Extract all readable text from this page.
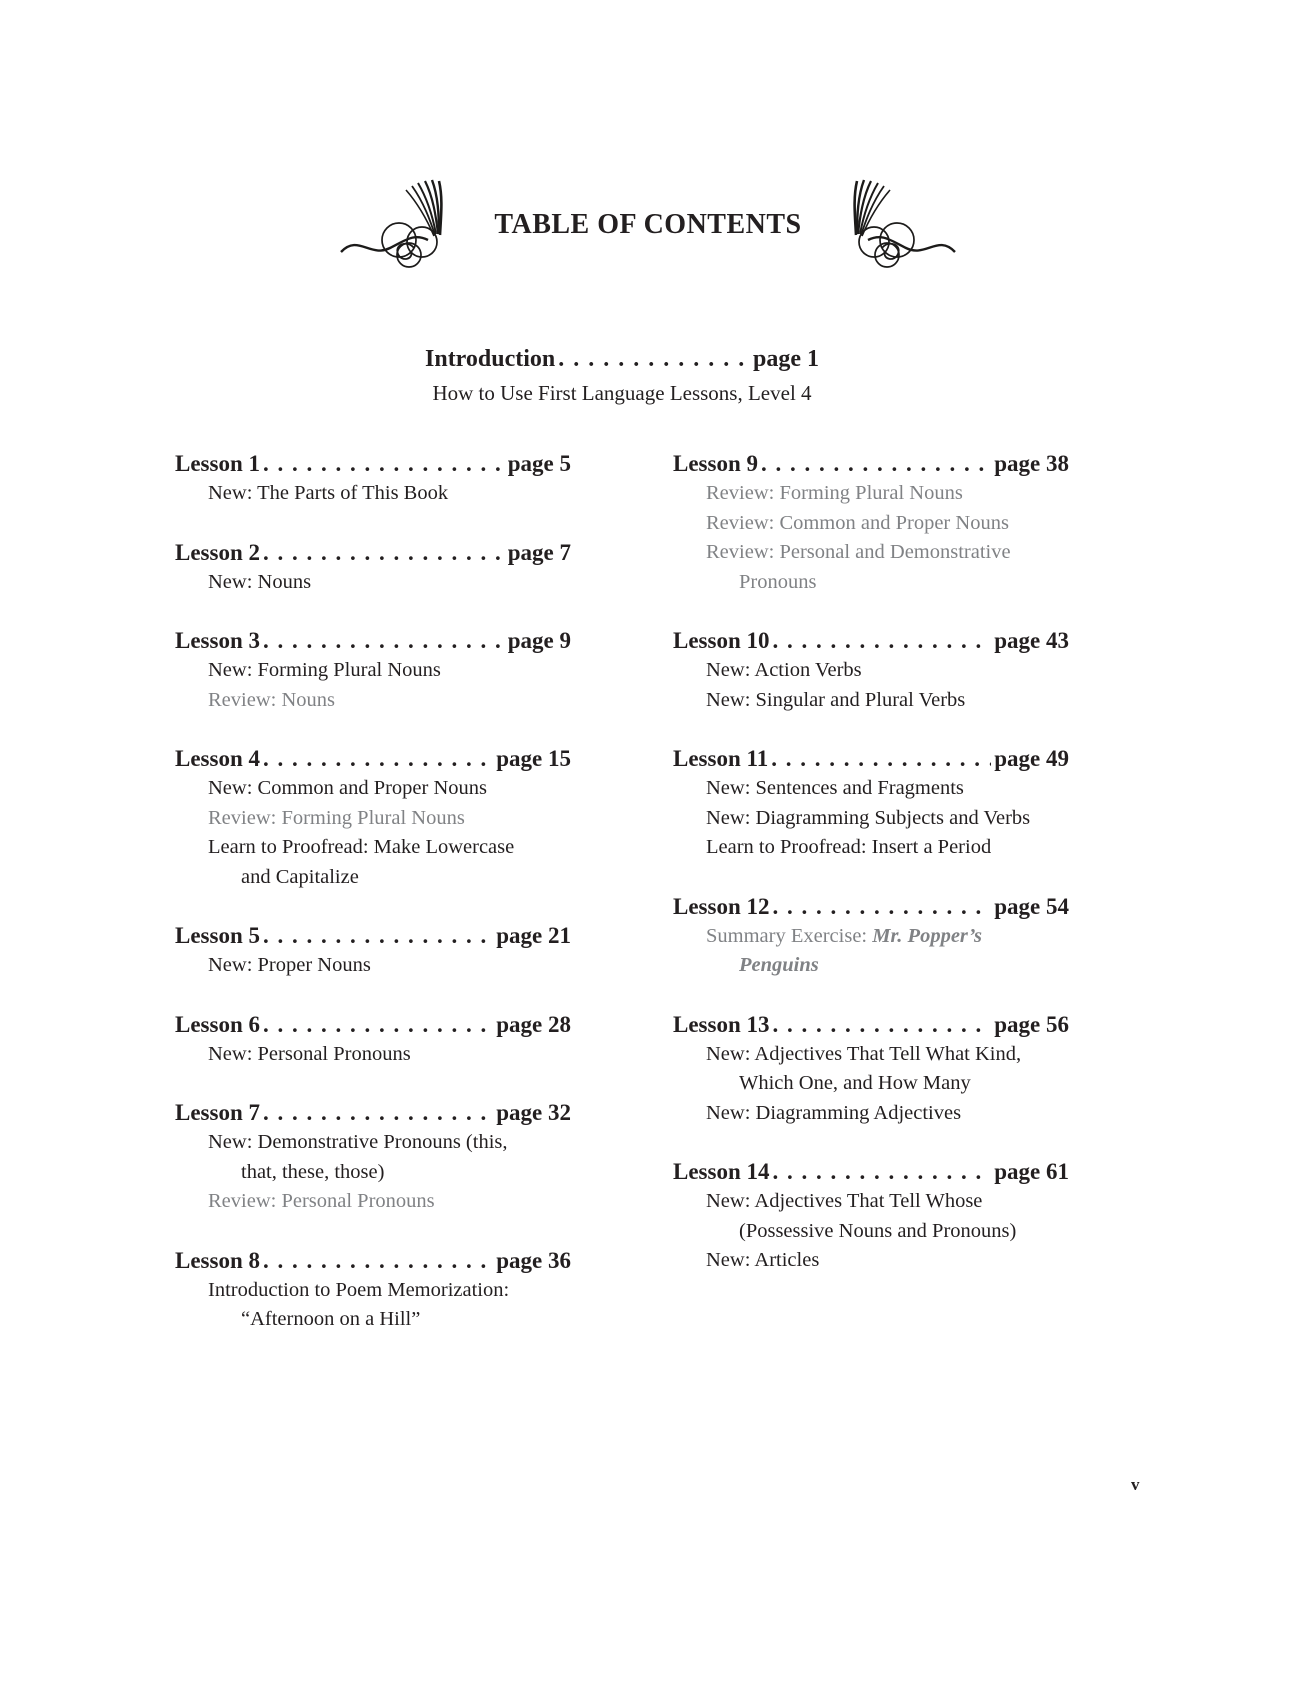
TABLE OF CONTENTS
Introduction . . .	page 1
How to Use First Language Lessons, Level 4
Lesson 1 . . .	page 5
New: The Parts of This Book
Lesson 2 . . .	page 7
New: Nouns
Lesson 3 . . .	page 9
New: Forming Plural Nouns
Review: Nouns
Lesson 4 . . .	page 15
New: Common and Proper Nouns
Review: Forming Plural Nouns
Learn to Proofread: Make Lowercase
and Capitalize
Lesson 5 . . .	page 21
New: Proper Nouns
Lesson 6 . . .	page 28
New: Personal Pronouns
Lesson 7 . . .	page 32
New: Demonstrative Pronouns (this,
that, these, those)
Review: Personal Pronouns
Lesson 8 . . .	page 36
Introduction to Poem Memorization:
“Afternoon on a Hill”
Lesson 9 . . .	page 38
Review: Forming Plural Nouns
Review: Common and Proper Nouns
Review: Personal and Demonstrative
Pronouns
Lesson 10 . . .	page 43
New: Action Verbs
New: Singular and Plural Verbs
Lesson 11 . . .	page 49
New: Sentences and Fragments
New: Diagramming Subjects and Verbs
Learn to Proofread: Insert a Period
Lesson 12 . . .	page 54
Summary Exercise: Mr. Popper’s
Penguins
Lesson 13 . . .	page 56
New: Adjectives That Tell What Kind,
Which One, and How Many
New: Diagramming Adjectives
Lesson 14 . . .	page 61
New: Adjectives That Tell Whose
(Possessive Nouns and Pronouns)
New: Articles
v
